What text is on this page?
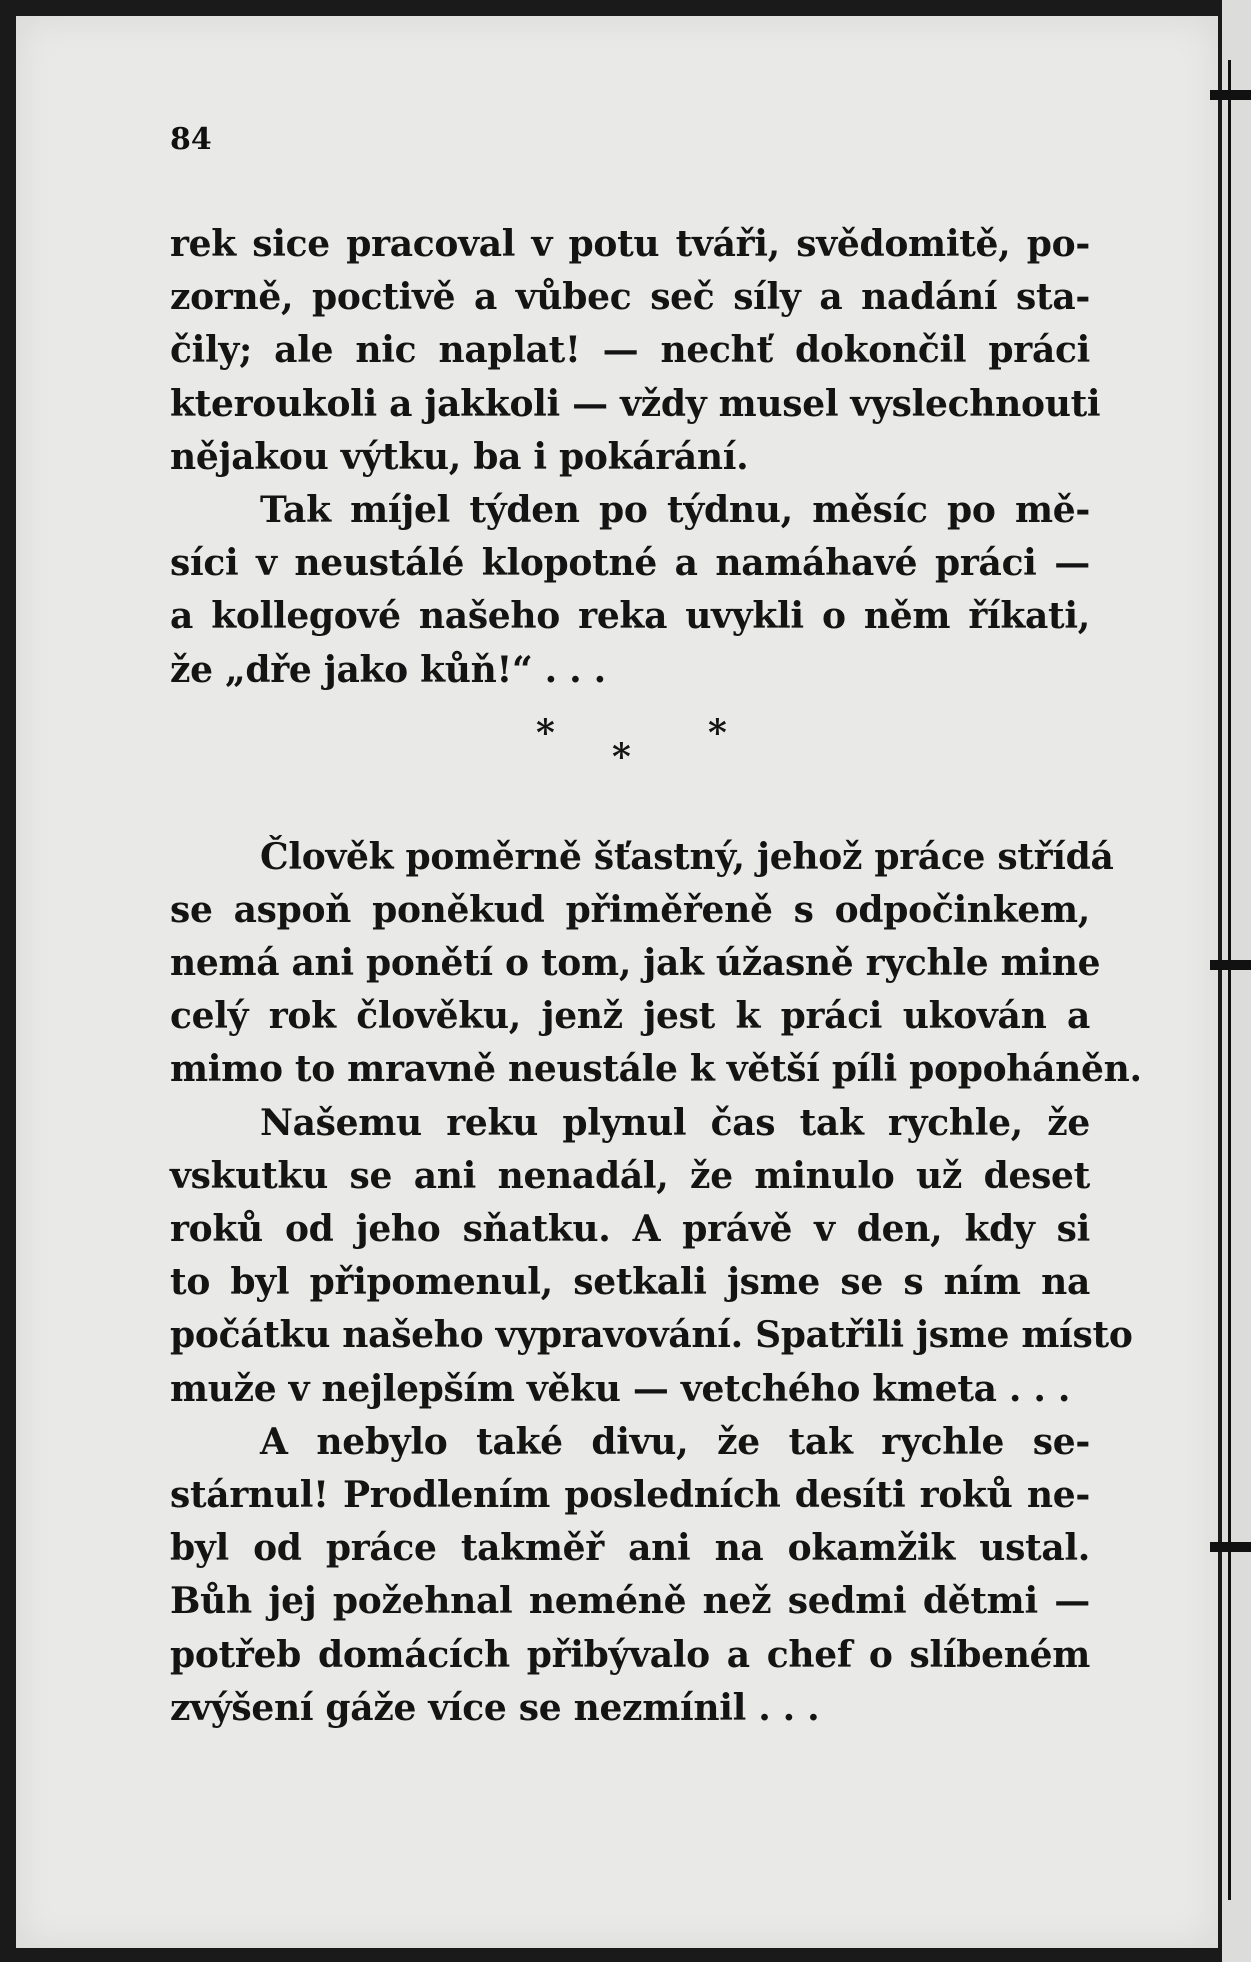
84
rek sice pracoval v potu tváři, svědomitě, po-
zorně, poctivě a vůbec seč síly a nadání sta-
čily; ale nic naplat! — nechť dokončil práci
kteroukoli a jakkoli — vždy musel vyslechnouti
nějakou výtku, ba i pokárání.
Tak míjel týden po týdnu, měsíc po mě-
síci v neustálé klopotné a namáhavé práci —
a kollegové našeho reka uvykli o něm říkati,
že „dře jako kůň!“ . . .
*
*
*
Člověk poměrně šťastný, jehož práce střídá
se aspoň poněkud přiměřeně s odpočinkem,
nemá ani ponětí o tom, jak úžasně rychle mine
celý rok člověku, jenž jest k práci ukován a
mimo to mravně neustále k větší píli popoháněn.
Našemu reku plynul čas tak rychle, že
vskutku se ani nenadál, že minulo už deset
roků od jeho sňatku. A právě v den, kdy si
to byl připomenul, setkali jsme se s ním na
počátku našeho vypravování. Spatřili jsme místo
muže v nejlepším věku — vetchého kmeta . . .
A nebylo také divu, že tak rychle se-
stárnul! Prodlením posledních desíti roků ne-
byl od práce takměř ani na okamžik ustal.
Bůh jej požehnal neméně než sedmi dětmi —
potřeb domácích přibývalo a chef o slíbeném
zvýšení gáže více se nezmínil . . .
